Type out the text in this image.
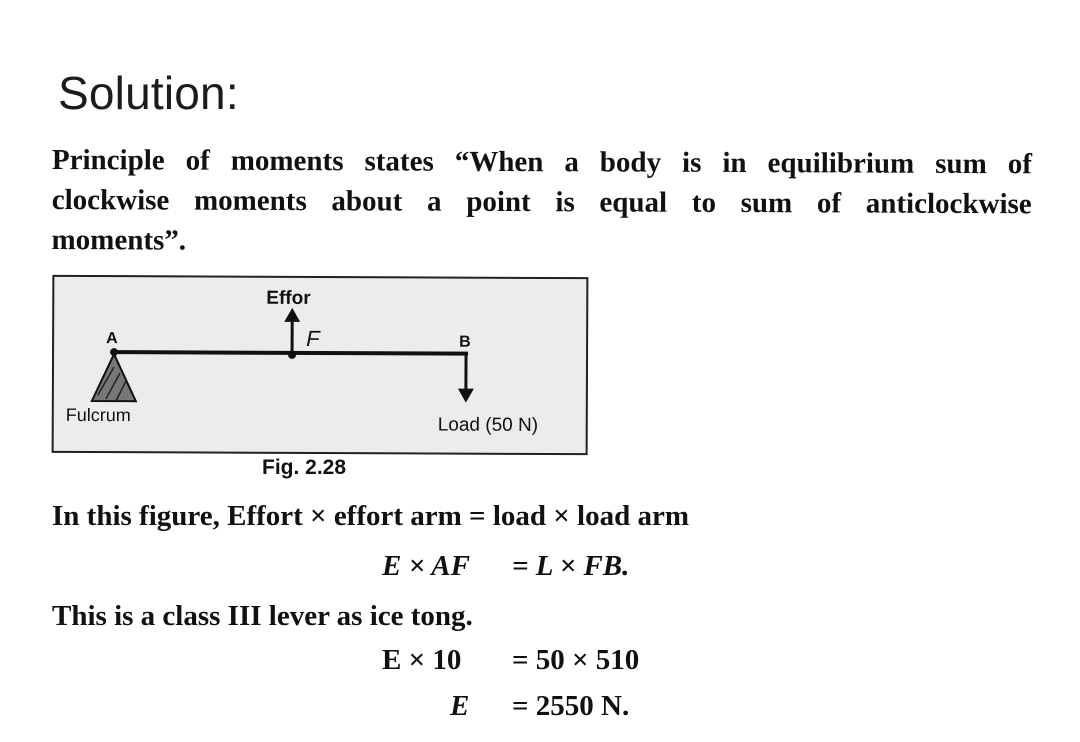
Solution:
Principle of moments states “When a body is in equilibrium sum of
clockwise moments about a point is equal to sum of anticlockwise
moments”.
Effor
A	F	B
Fulcrum	Load (50 N)
Fig. 2.28
In this figure, Effort × effort arm = load × load arm
E × AF = L × FB.
This is a class III lever as ice tong.
E × 10 = 50 × 510
E = 2550 N.
